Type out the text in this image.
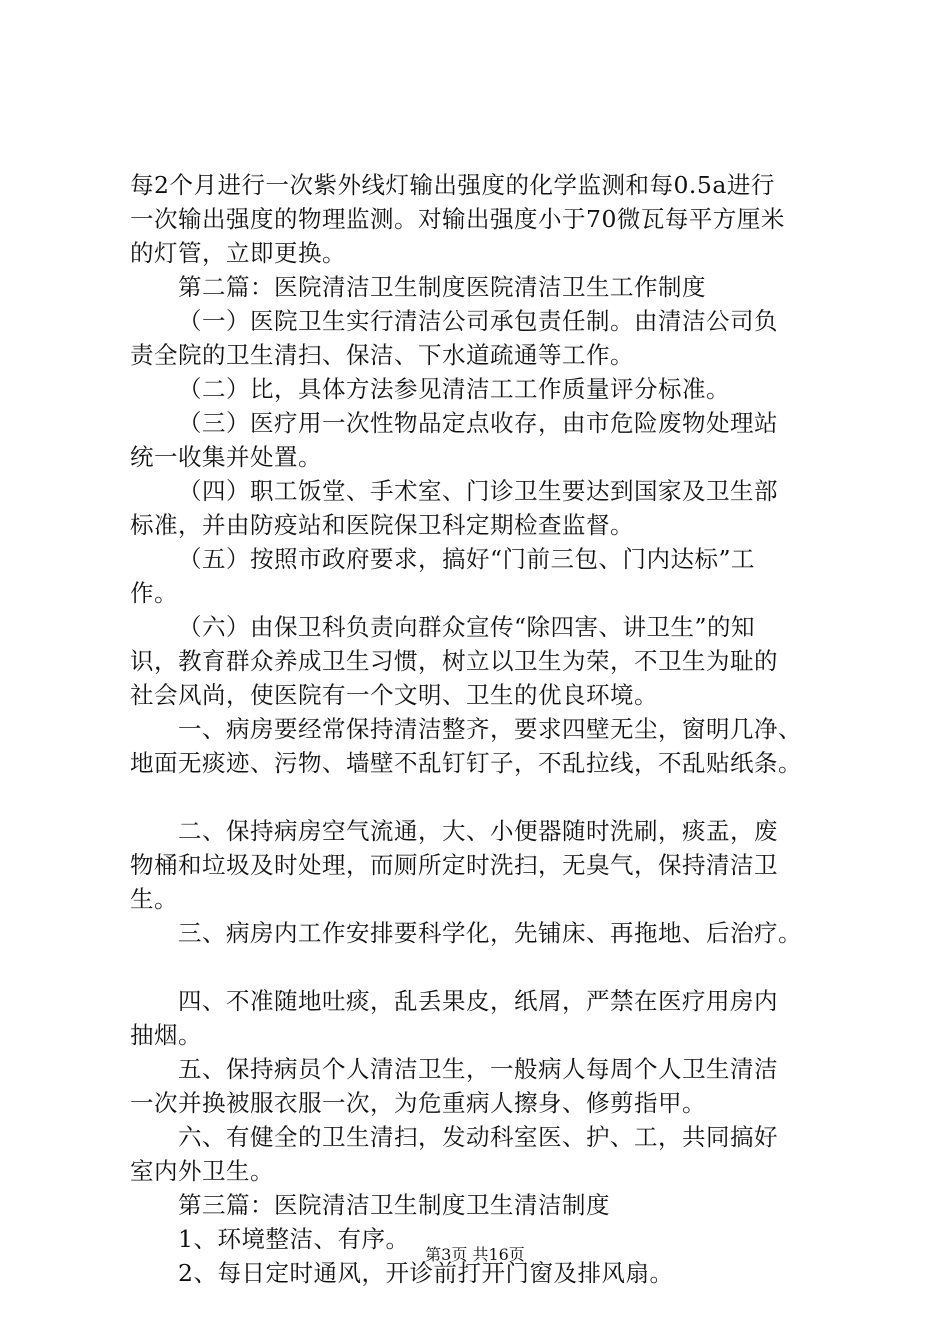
每2个月进行一次紫外线灯输出强度的化学监测和每0.5a进行
一次输出强度的物理监测。对输出强度小于70微瓦每平方厘米
的灯管，立即更换。
第二篇：医院清洁卫生制度医院清洁卫生工作制度
（一）医院卫生实行清洁公司承包责任制。由清洁公司负
责全院的卫生清扫、保洁、下水道疏通等工作。
（二）比，具体方法参见清洁工工作质量评分标准。
（三）医疗用一次性物品定点收存，由市危险废物处理站
统一收集并处置。
（四）职工饭堂、手术室、门诊卫生要达到国家及卫生部
标准，并由防疫站和医院保卫科定期检查监督。
（五）按照市政府要求，搞好“门前三包、门内达标”工
作。
（六）由保卫科负责向群众宣传“除四害、讲卫生”的知
识，教育群众养成卫生习惯，树立以卫生为荣，不卫生为耻的
社会风尚，使医院有一个文明、卫生的优良环境。
一、病房要经常保持清洁整齐，要求四壁无尘，窗明几净、
地面无痰迹、污物、墙壁不乱钉钉子，不乱拉线，不乱贴纸条。
二、保持病房空气流通，大、小便器随时洗刷，痰盂，废
物桶和垃圾及时处理，而厕所定时洗扫，无臭气，保持清洁卫
生。
三、病房内工作安排要科学化，先铺床、再拖地、后治疗。
四、不准随地吐痰，乱丢果皮，纸屑，严禁在医疗用房内
抽烟。
五、保持病员个人清洁卫生，一般病人每周个人卫生清洁
一次并换被服衣服一次，为危重病人擦身、修剪指甲。
六、有健全的卫生清扫，发动科室医、护、工，共同搞好
室内外卫生。
第三篇：医院清洁卫生制度卫生清洁制度
1、环境整洁、有序。
2、每日定时通风，开诊前打开门窗及排风扇。
第3页 共16页
